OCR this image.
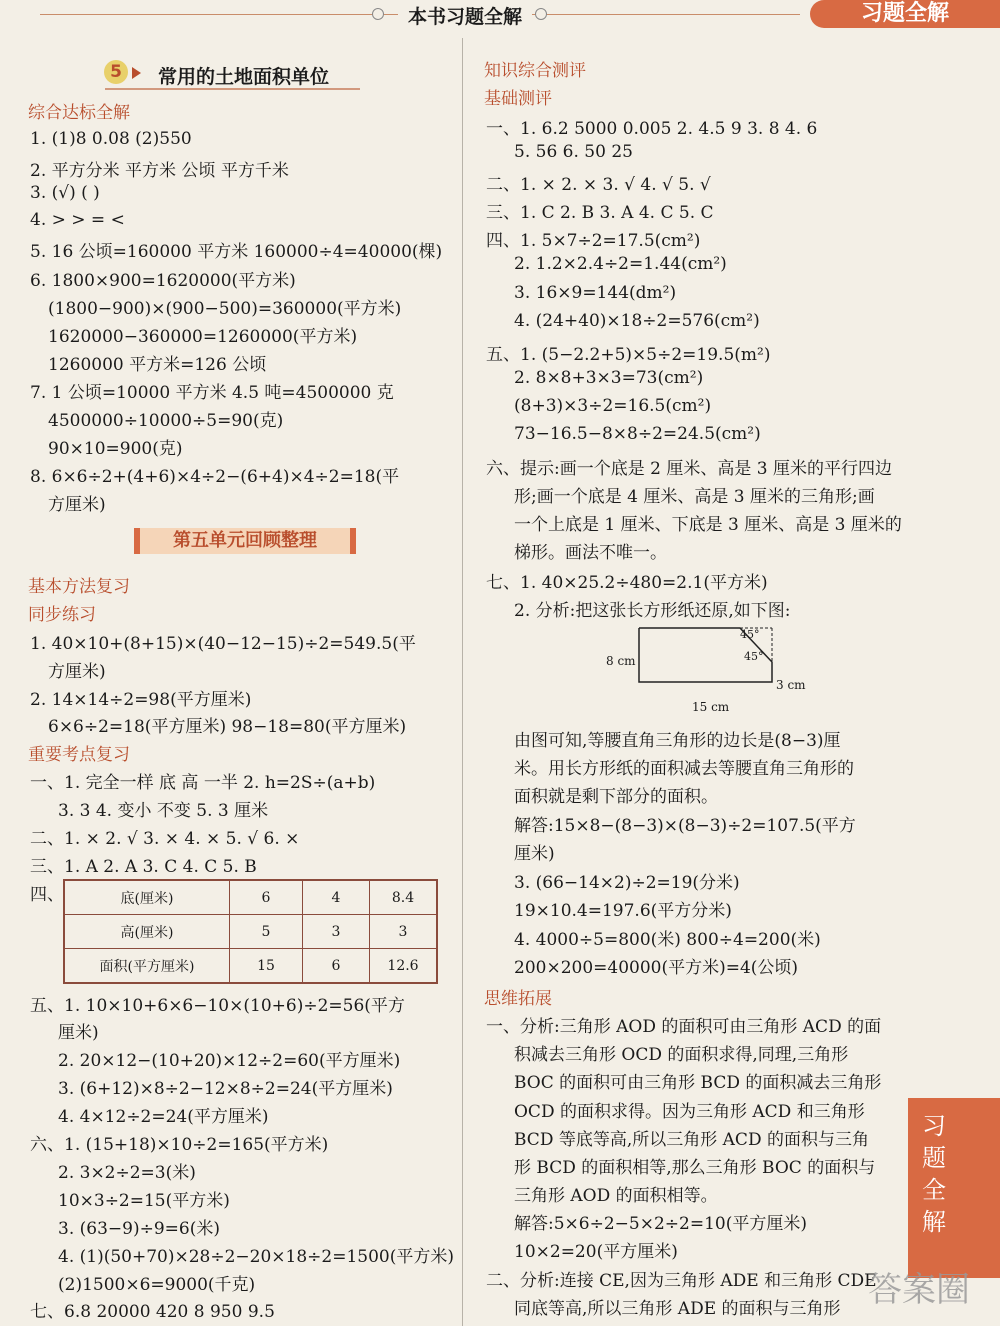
本书习题全解	习题全解
5	常用的土地面积单位
综合达标全解
1. (1)8 0.08 (2)550
2. 平方分米 平方米 公顷 平方千米
3. (√) ( )
4. > > = <
5. 16 公顷=160000 平方米 160000÷4=40000(棵)
6. 1800×900=1620000(平方米)
(1800−900)×(900−500)=360000(平方米)
1620000−360000=1260000(平方米)
1260000 平方米=126 公顷
7. 1 公顷=10000 平方米 4.5 吨=4500000 克
4500000÷10000÷5=90(克)
90×10=900(克)
8. 6×6÷2+(4+6)×4÷2−(6+4)×4÷2=18(平
方厘米)
第五单元回顾整理
基本方法复习
同步练习
1. 40×10+(8+15)×(40−12−15)÷2=549.5(平
方厘米)
2. 14×14÷2=98(平方厘米)
6×6÷2=18(平方厘米) 98−18=80(平方厘米)
重要考点复习
一、1. 完全一样 底 高 一半 2. h=2S÷(a+b)
3. 3 4. 变小 不变 5. 3 厘米
二、1. × 2. √ 3. × 4. × 5. √ 6. ×
三、1. A 2. A 3. C 4. C 5. B
四、	底(厘米)	6	4	8.4
高(厘米)	5	3	3
面积(平方厘米)	15	6	12.6
五、1. 10×10+6×6−10×(10+6)÷2=56(平方
厘米)
2. 20×12−(10+20)×12÷2=60(平方厘米)
3. (6+12)×8÷2−12×8÷2=24(平方厘米)
4. 4×12÷2=24(平方厘米)
六、1. (15+18)×10÷2=165(平方米)
2. 3×2÷2=3(米)
10×3÷2=15(平方米)
3. (63−9)÷9=6(米)
4. (1)(50+70)×28÷2−20×18÷2=1500(平方米)
(2)1500×6=9000(千克)
七、6.8 20000 420 8 950 9.5
知识综合测评
基础测评
一、1. 6.2 5000 0.005 2. 4.5 9 3. 8 4. 6
5. 56 6. 50 25
二、1. × 2. × 3. √ 4. √ 5. √
三、1. C 2. B 3. A 4. C 5. C
四、1. 5×7÷2=17.5(cm²)
2. 1.2×2.4÷2=1.44(cm²)
3. 16×9=144(dm²)
4. (24+40)×18÷2=576(cm²)
五、1. (5−2.2+5)×5÷2=19.5(m²)
2. 8×8+3×3=73(cm²)
(8+3)×3÷2=16.5(cm²)
73−16.5−8×8÷2=24.5(cm²)
六、提示:画一个底是 2 厘米、高是 3 厘米的平行四边
形;画一个底是 4 厘米、高是 3 厘米的三角形;画
一个上底是 1 厘米、下底是 3 厘米、高是 3 厘米的
梯形。画法不唯一。
七、1. 40×25.2÷480=2.1(平方米)
2. 分析:把这张长方形纸还原,如下图:
8 cm
15 cm
3 cm
45°
45°
由图可知,等腰直角三角形的边长是(8−3)厘
米。用长方形纸的面积减去等腰直角三角形的
面积就是剩下部分的面积。
解答:15×8−(8−3)×(8−3)÷2=107.5(平方
厘米)
3. (66−14×2)÷2=19(分米)
19×10.4=197.6(平方分米)
4. 4000÷5=800(米) 800÷4=200(米)
200×200=40000(平方米)=4(公顷)
思维拓展
一、分析:三角形 AOD 的面积可由三角形 ACD 的面
积减去三角形 OCD 的面积求得,同理,三角形
BOC 的面积可由三角形 BCD 的面积减去三角形
OCD 的面积求得。因为三角形 ACD 和三角形
BCD 等底等高,所以三角形 ACD 的面积与三角
形 BCD 的面积相等,那么三角形 BOC 的面积与
三角形 AOD 的面积相等。
解答:5×6÷2−5×2÷2=10(平方厘米)
10×2=20(平方厘米)
二、分析:连接 CE,因为三角形 ADE 和三角形 CDE
同底等高,所以三角形 ADE 的面积与三角形
习
题
全
解
答案圈
